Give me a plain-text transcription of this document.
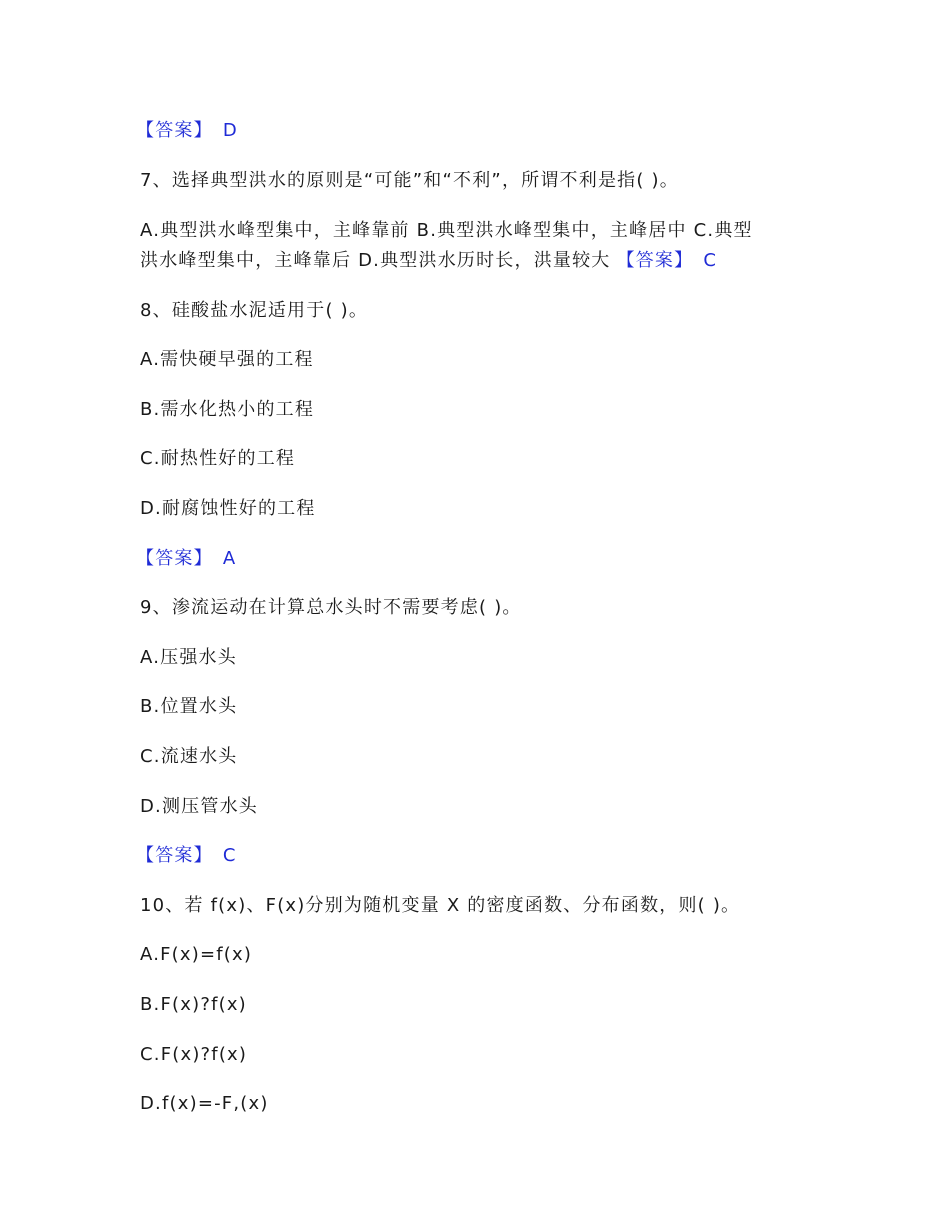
【答案】 D
7、选择典型洪水的原则是“可能”和“不利”，所谓不利是指( )。
A.典型洪水峰型集中，主峰靠前 B.典型洪水峰型集中，主峰居中 C.典型
洪水峰型集中，主峰靠后 D.典型洪水历时长，洪量较大 【答案】 C
8、硅酸盐水泥适用于( )。
A.需快硬早强的工程
B.需水化热小的工程
C.耐热性好的工程
D.耐腐蚀性好的工程
【答案】 A
9、渗流运动在计算总水头时不需要考虑( )。
A.压强水头
B.位置水头
C.流速水头
D.测压管水头
【答案】 C
10、若 f(x)、F(x)分别为随机变量 X 的密度函数、分布函数，则( )。
A.F(x)=f(x)
B.F(x)?f(x)
C.F(x)?f(x)
D.f(x)=-F,(x)
